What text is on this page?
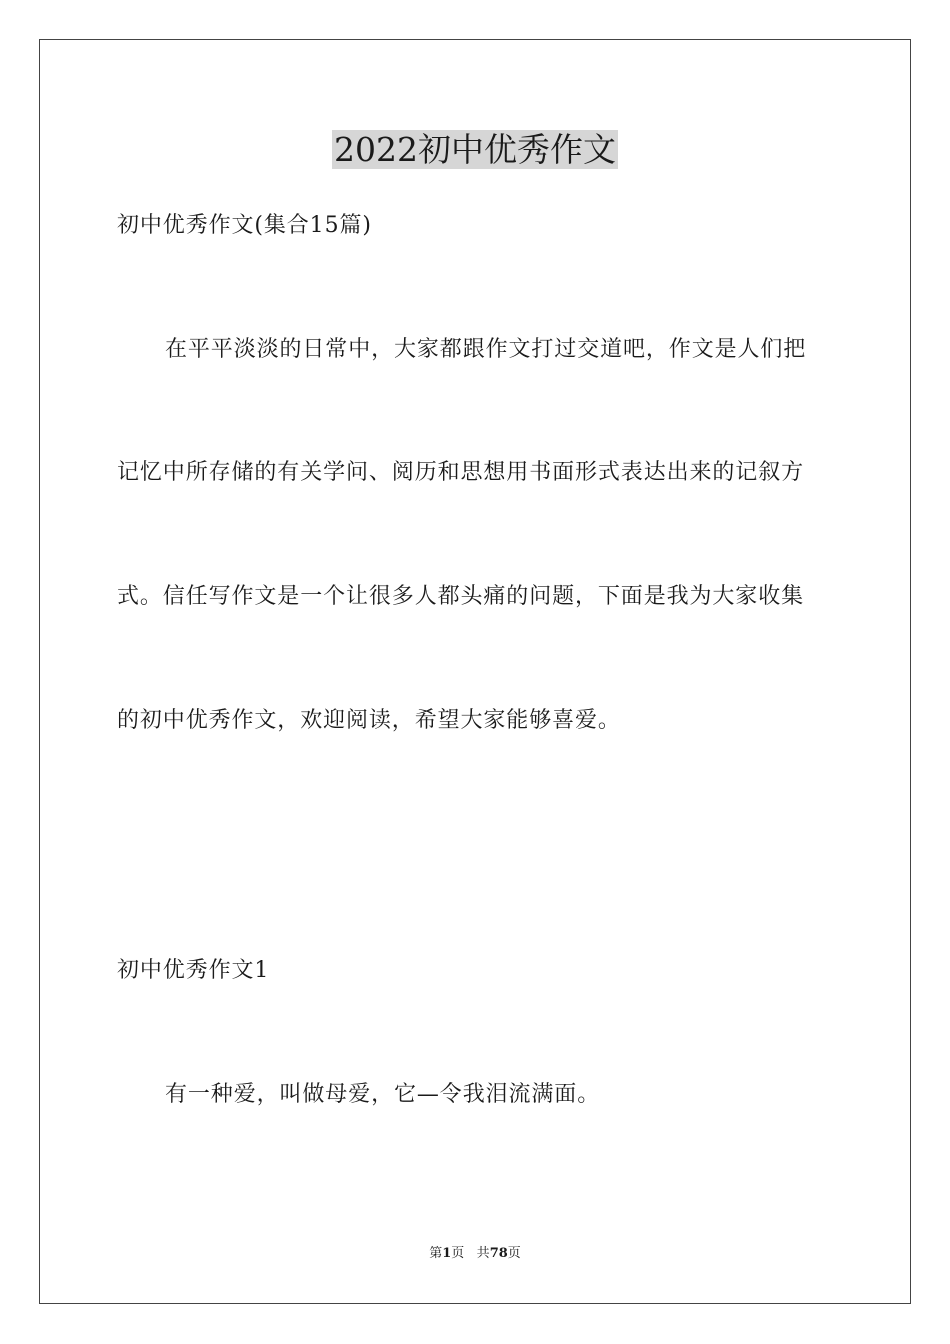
2022初中优秀作文
初中优秀作文(集合15篇)
在平平淡淡的日常中，大家都跟作文打过交道吧，作文是人们把
记忆中所存储的有关学问、阅历和思想用书面形式表达出来的记叙方
式。信任写作文是一个让很多人都头痛的问题，下面是我为大家收集
的初中优秀作文，欢迎阅读，希望大家能够喜爱。
初中优秀作文1
有一种爱，叫做母爱，它—令我泪流满面。
第1页 共78页
